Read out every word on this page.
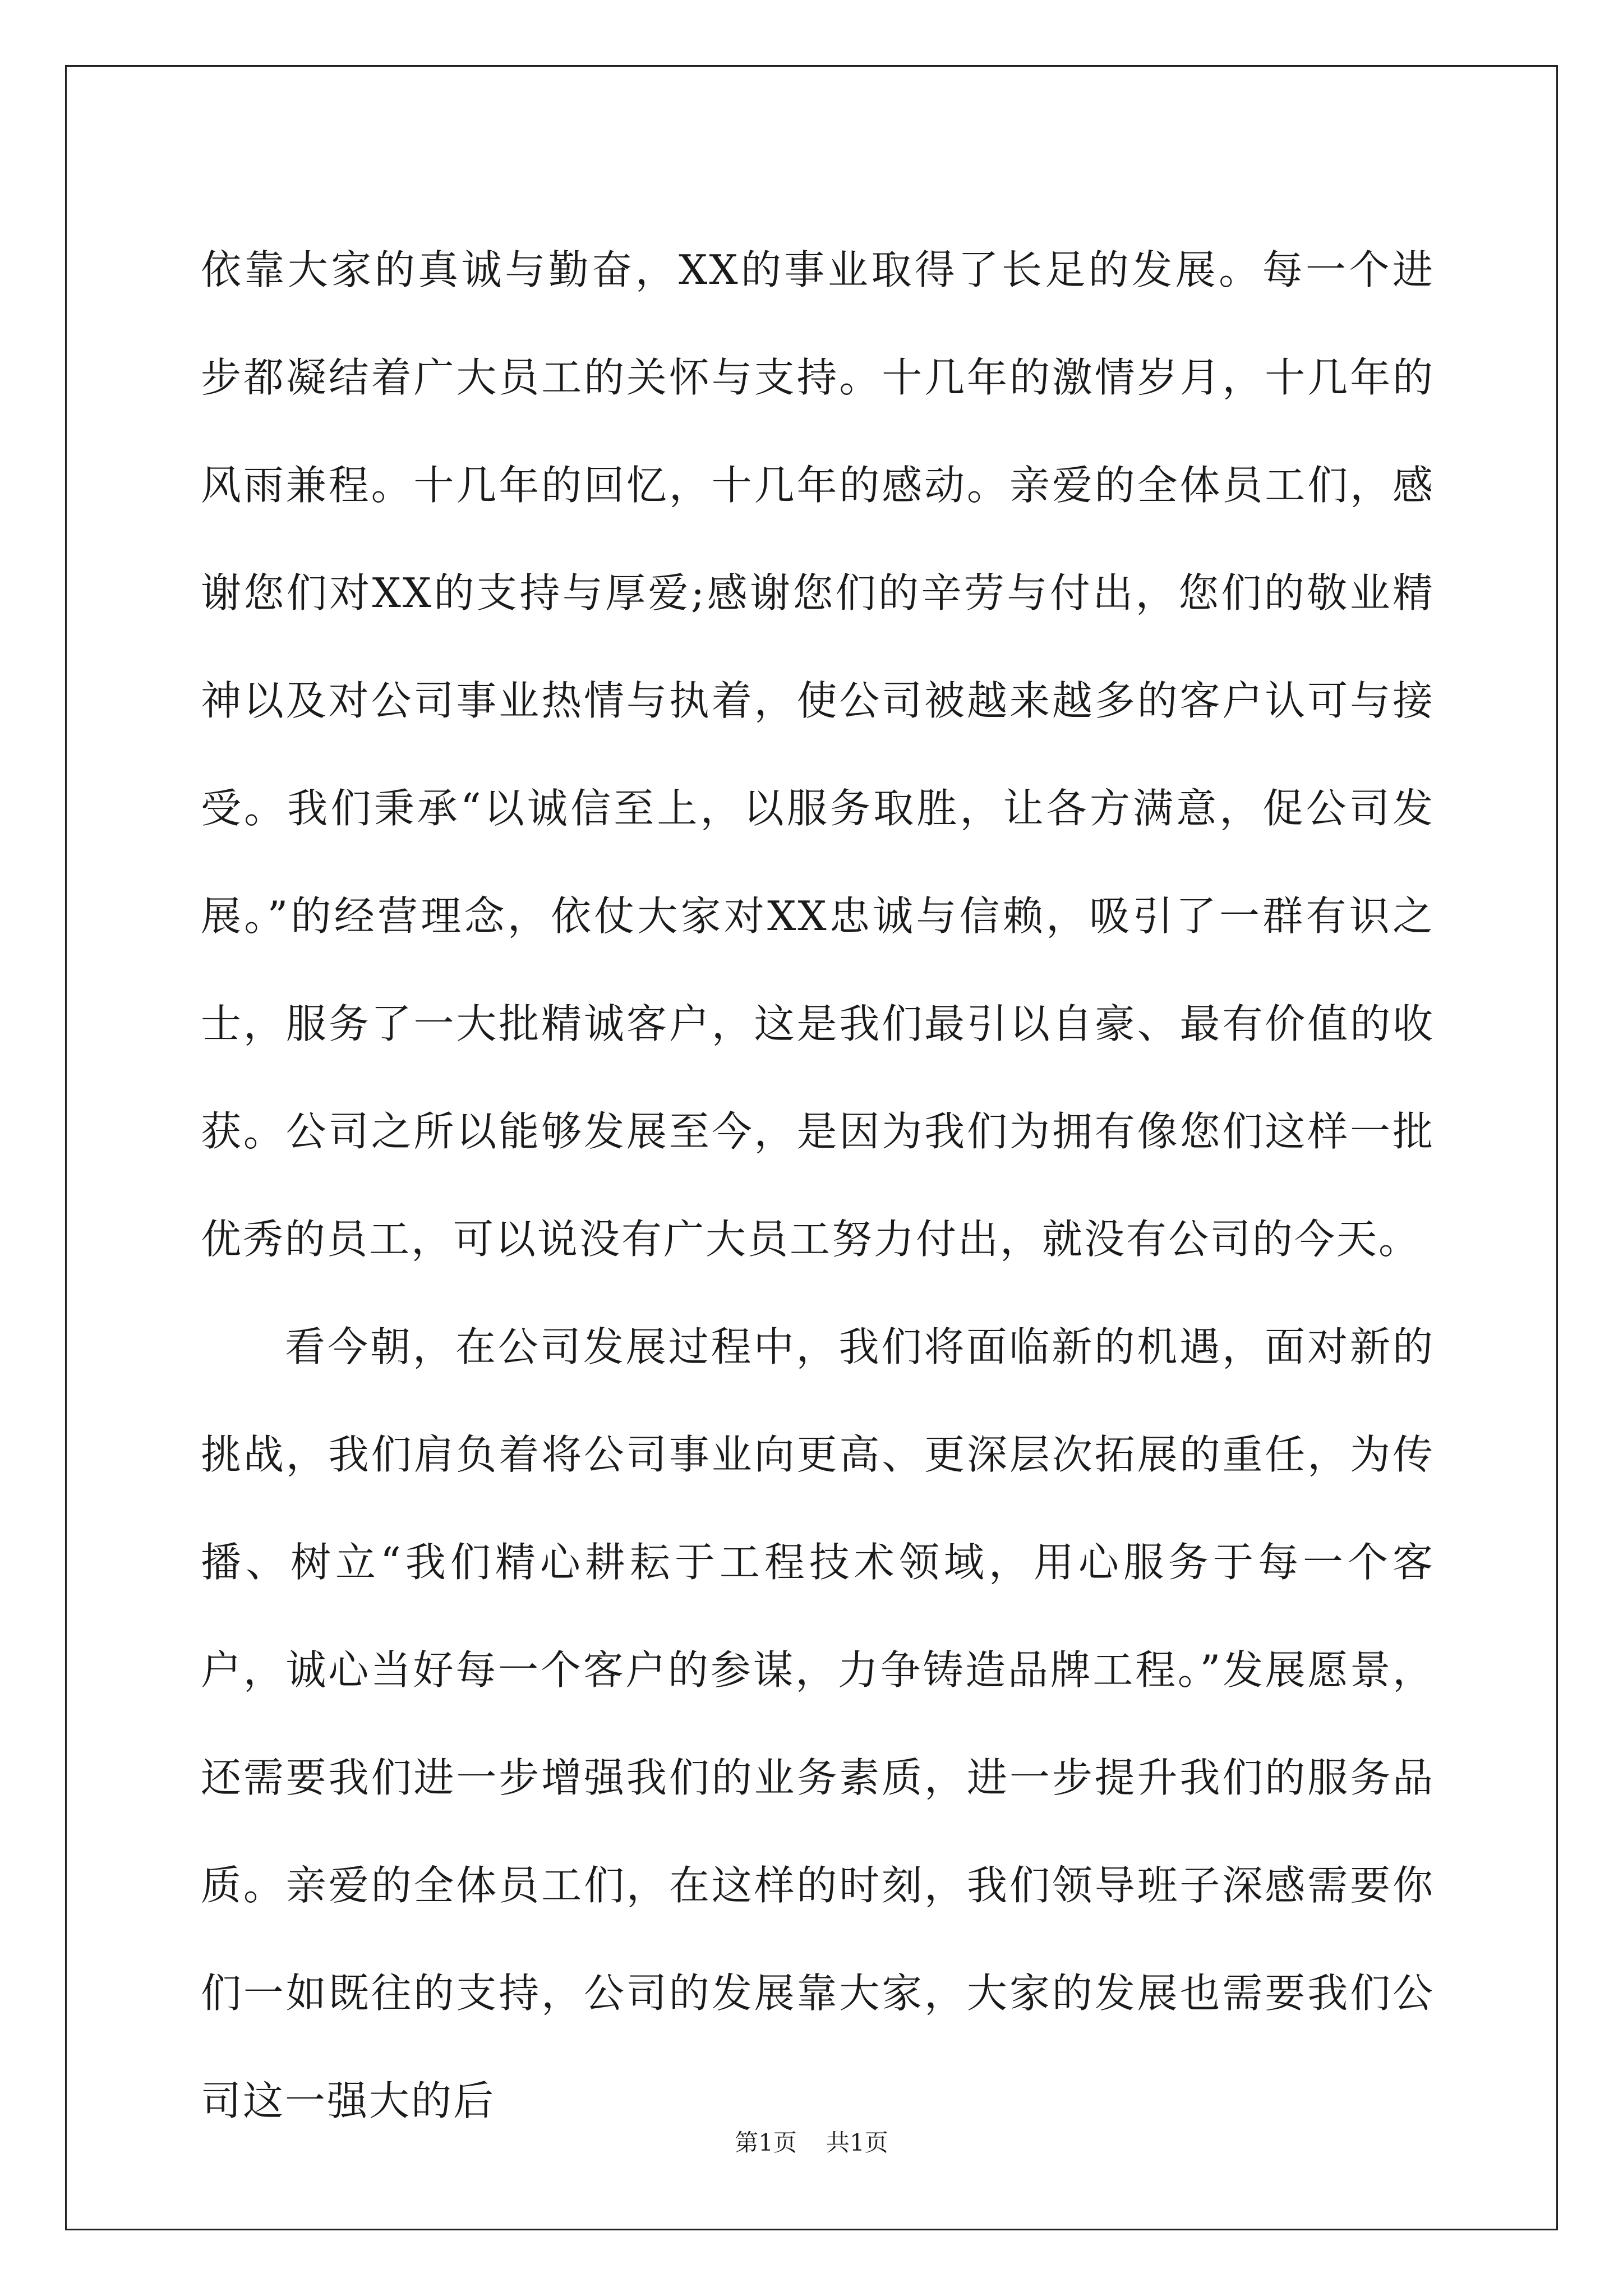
依靠大家的真诚与勤奋，XX的事业取得了长足的发展。每一个进步都凝结着广大员工的关怀与支持。十几年的激情岁月，十几年的风雨兼程。十几年的回忆，十几年的感动。亲爱的全体员工们，感谢您们对XX的支持与厚爱;感谢您们的辛劳与付出，您们的敬业精神以及对公司事业热情与执着，使公司被越来越多的客户认可与接受。我们秉承“以诚信至上，以服务取胜，让各方满意，促公司发展。”的经营理念，依仗大家对XX忠诚与信赖，吸引了一群有识之士，服务了一大批精诚客户，这是我们最引以自豪、最有价值的收获。公司之所以能够发展至今，是因为我们为拥有像您们这样一批优秀的员工，可以说没有广大员工努力付出，就没有公司的今天。

看今朝，在公司发展过程中，我们将面临新的机遇，面对新的挑战，我们肩负着将公司事业向更高、更深层次拓展的重任，为传播、树立“我们精心耕耘于工程技术领域，用心服务于每一个客户，诚心当好每一个客户的参谋，力争铸造品牌工程。”发展愿景，还需要我们进一步增强我们的业务素质，进一步提升我们的服务品质。亲爱的全体员工们，在这样的时刻，我们领导班子深感需要你们一如既往的支持，公司的发展靠大家，大家的发展也需要我们公司这一强大的后

第1页 共1页
